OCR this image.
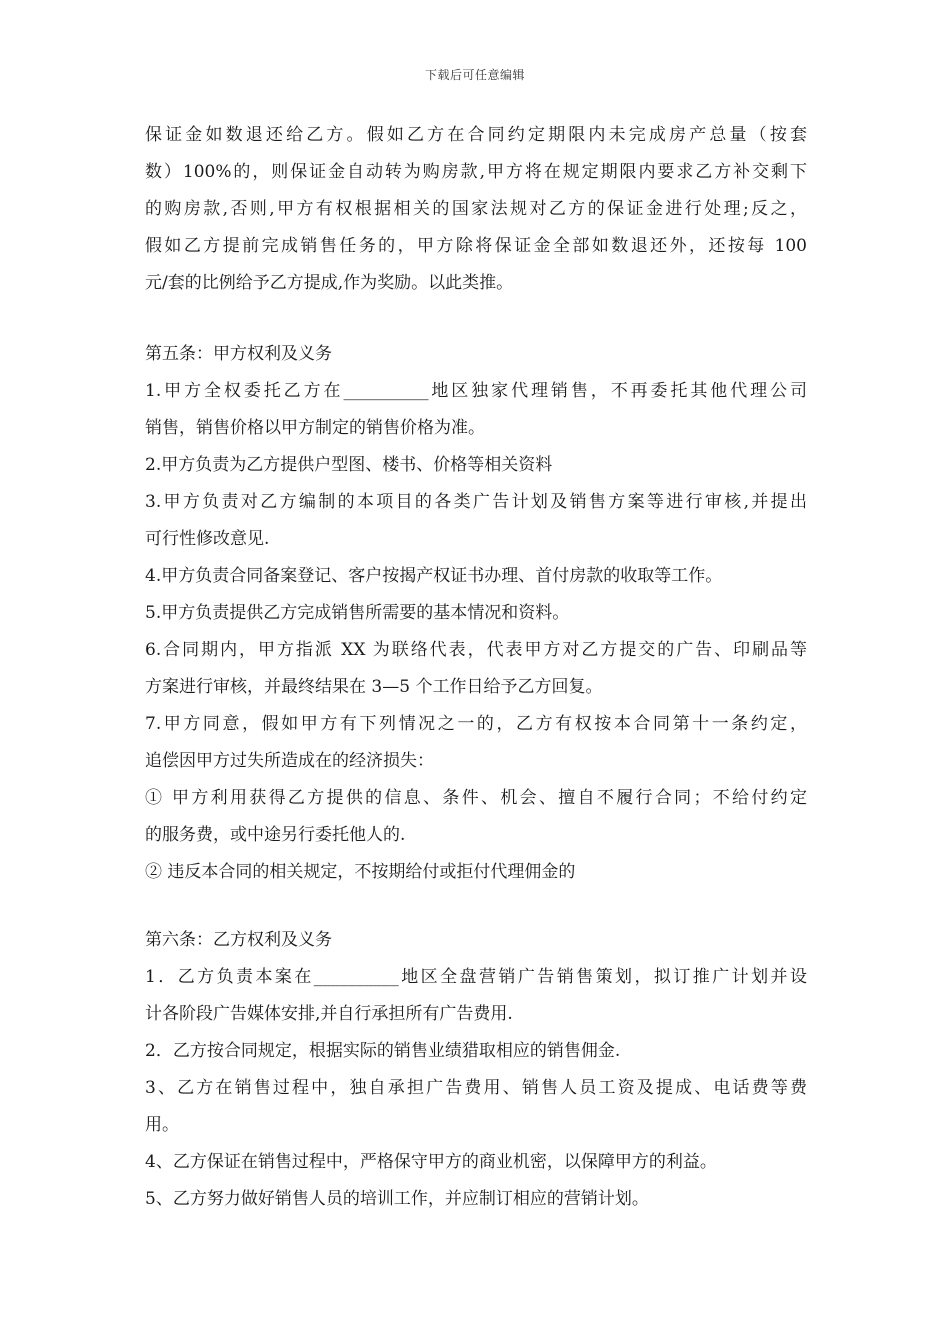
下载后可任意编辑
保证金如数退还给乙方。假如乙方在合同约定期限内未完成房产总量（按套
数）100%的，则保证金自动转为购房款,甲方将在规定期限内要求乙方补交剩下
的购房款,否则,甲方有权根据相关的国家法规对乙方的保证金进行处理;反之，
假如乙方提前完成销售任务的，甲方除将保证金全部如数退还外，还按每 100
元/套的比例给予乙方提成,作为奖励。以此类推。
第五条：甲方权利及义务
1.甲方全权委托乙方在__________地区独家代理销售，不再委托其他代理公司
销售，销售价格以甲方制定的销售价格为准。
2.甲方负责为乙方提供户型图、楼书、价格等相关资料
3.甲方负责对乙方编制的本项目的各类广告计划及销售方案等进行审核,并提出
可行性修改意见.
4.甲方负责合同备案登记、客户按揭产权证书办理、首付房款的收取等工作。
5.甲方负责提供乙方完成销售所需要的基本情况和资料。
6.合同期内，甲方指派 XX 为联络代表，代表甲方对乙方提交的广告、印刷品等
方案进行审核，并最终结果在 3—5 个工作日给予乙方回复。
7.甲方同意，假如甲方有下列情况之一的，乙方有权按本合同第十一条约定，
追偿因甲方过失所造成在的经济损失：
① 甲方利用获得乙方提供的信息、条件、机会、擅自不履行合同；不给付约定
的服务费，或中途另行委托他人的.
② 违反本合同的相关规定，不按期给付或拒付代理佣金的
第六条：乙方权利及义务
1．乙方负责本案在__________地区全盘营销广告销售策划，拟订推广计划并设
计各阶段广告媒体安排,并自行承担所有广告费用.
2．乙方按合同规定，根据实际的销售业绩猎取相应的销售佣金.
3、乙方在销售过程中，独自承担广告费用、销售人员工资及提成、电话费等费
用。
4、乙方保证在销售过程中，严格保守甲方的商业机密，以保障甲方的利益。
5、乙方努力做好销售人员的培训工作，并应制订相应的营销计划。
